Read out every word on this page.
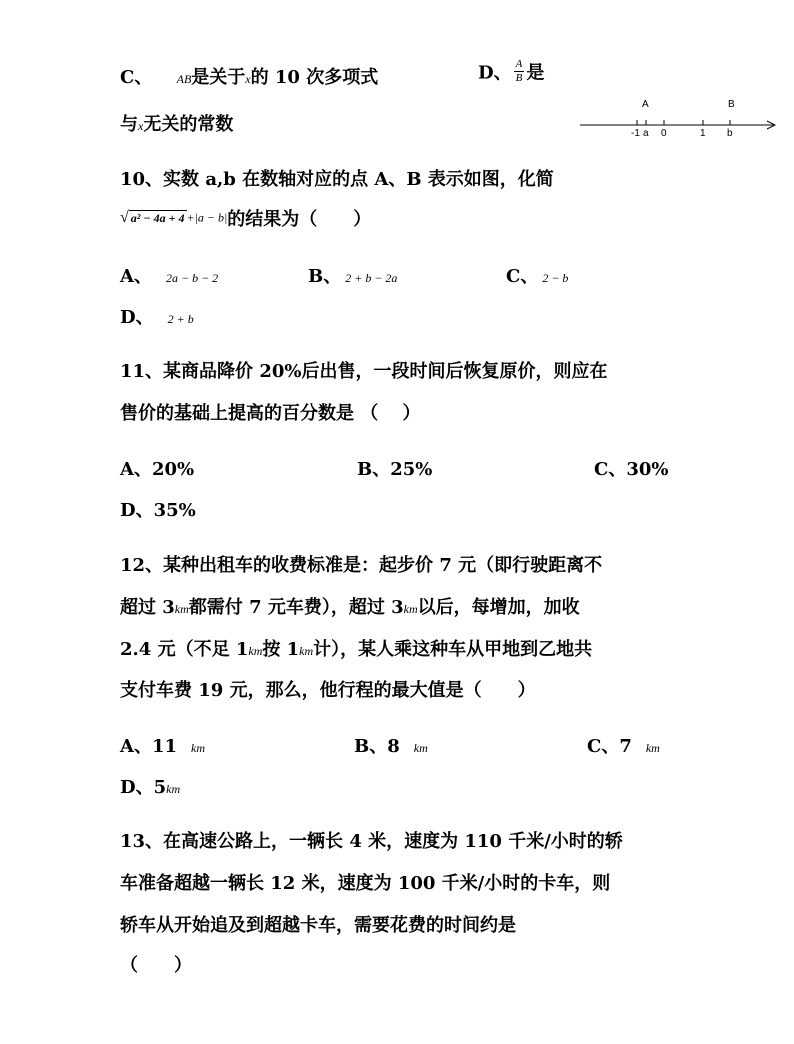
C、 AB是关于x的 10 次多项式	D、 $\frac{A}{B}$ 是
与x无关的常数
A	B
-1 a 0	1 b
10、实数 a,b 在数轴对应的点 A、B 表示如图，化简
√ a² − 4a + 4 +|a − b|的结果为（　　）
A、 2a − b − 2	B、 2 + b − 2a	C、 2 − b
D、 2 + b
11、某商品降价 20%后出售，一段时间后恢复原价，则应在
售价的基础上提高的百分数是 （　 ）
A、20%	B、25%	C、30%
D、35%
12、某种出租车的收费标准是：起步价 7 元（即行驶距离不
超过 3km都需付 7 元车费），超过 3km以后，每增加，加收
2.4 元（不足 1km按 1km计），某人乘这种车从甲地到乙地共
支付车费 19 元，那么，他行程的最大值是（　　）
A、11 km	B、8 km	C、7 km
D、5km
13、在高速公路上，一辆长 4 米，速度为 110 千米/小时的轿
车准备超越一辆长 12 米，速度为 100 千米/小时的卡车，则
轿车从开始追及到超越卡车，需要花费的时间约是
（　　）
